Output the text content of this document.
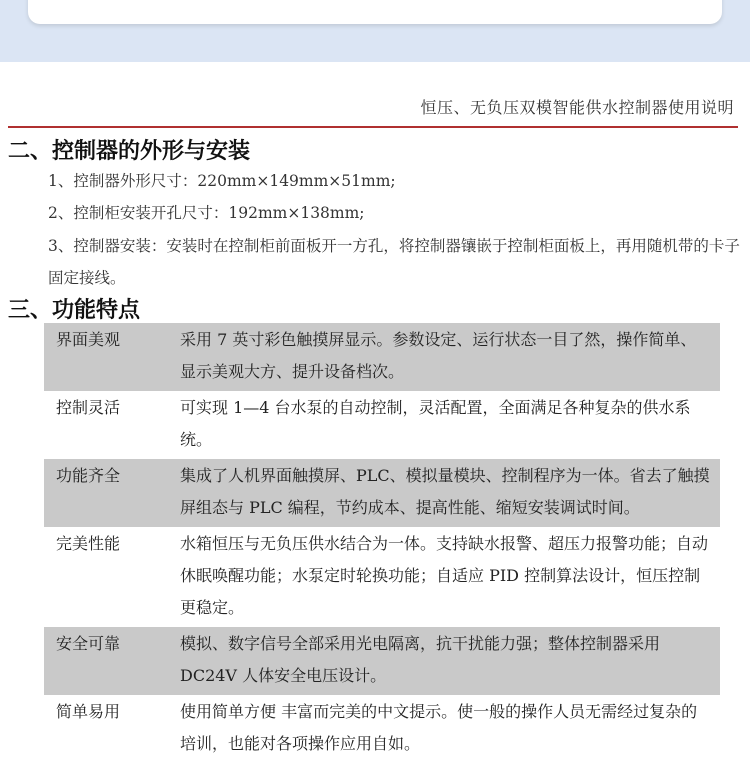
恒压、无负压双模智能供水控制器使用说明
二、控制器的外形与安装
1、控制器外形尺寸：220mm×149mm×51mm;
2、控制柜安装开孔尺寸：192mm×138mm;
3、控制器安装：安装时在控制柜前面板开一方孔，将控制器镶嵌于控制柜面板上，再用随机带的卡子固定接线。
三、功能特点
界面美观	采用 7 英寸彩色触摸屏显示。参数设定、运行状态一目了然，操作简单、显示美观大方、提升设备档次。
控制灵活	可实现 1—4 台水泵的自动控制，灵活配置，全面满足各种复杂的供水系统。
功能齐全	集成了人机界面触摸屏、PLC、模拟量模块、控制程序为一体。省去了触摸屏组态与 PLC 编程，节约成本、提高性能、缩短安装调试时间。
完美性能	水箱恒压与无负压供水结合为一体。支持缺水报警、超压力报警功能；自动休眠唤醒功能；水泵定时轮换功能；自适应 PID 控制算法设计，恒压控制更稳定。
安全可靠	模拟、数字信号全部采用光电隔离，抗干扰能力强；整体控制器采用 DC24V 人体安全电压设计。
简单易用	使用简单方便 丰富而完美的中文提示。使一般的操作人员无需经过复杂的培训，也能对各项操作应用自如。
